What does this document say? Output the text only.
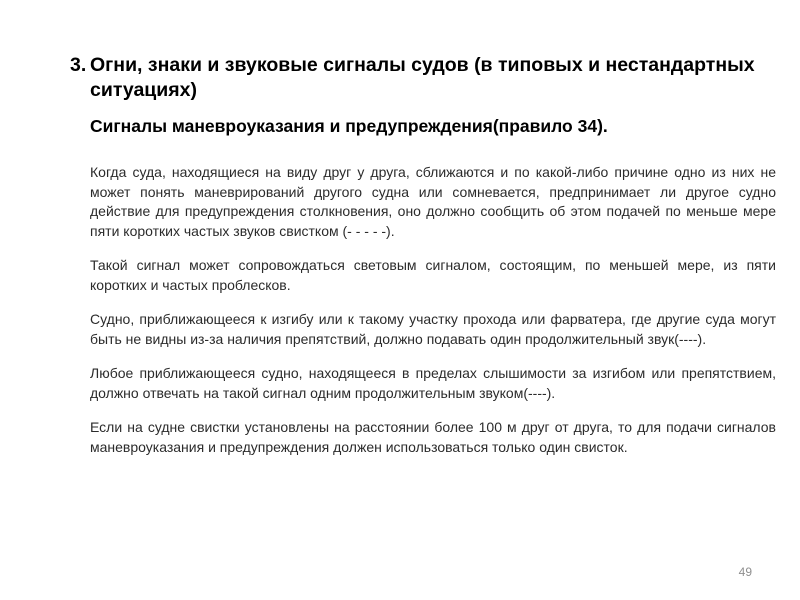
3. Огни, знаки и звуковые сигналы судов (в типовых и нестандартных ситуациях)
Сигналы маневроуказания и предупреждения(правило 34).

Когда суда, находящиеся на виду друг у друга, сближаются и по какой-либо причине одно из них не может понять маневрирований другого судна или сомневается, предпринимает ли другое судно действие для предупреждения столкновения, оно должно сообщить об этом подачей по меньше мере пяти коротких частых звуков свистком (- - - - -).

Такой сигнал может сопровождаться световым сигналом, состоящим, по меньшей мере, из пяти коротких и частых проблесков.

Судно, приближающееся к изгибу или к такому участку прохода или фарватера, где другие суда могут быть не видны из-за наличия препятствий, должно подавать один продолжительный звук(----).

Любое приближающееся судно, находящееся в пределах слышимости за изгибом или препятствием, должно отвечать на такой сигнал одним продолжительным звуком(----).

Если на судне свистки установлены на расстоянии более 100 м друг от друга, то для подачи сигналов маневроуказания и предупреждения должен использоваться только один свисток.

49
